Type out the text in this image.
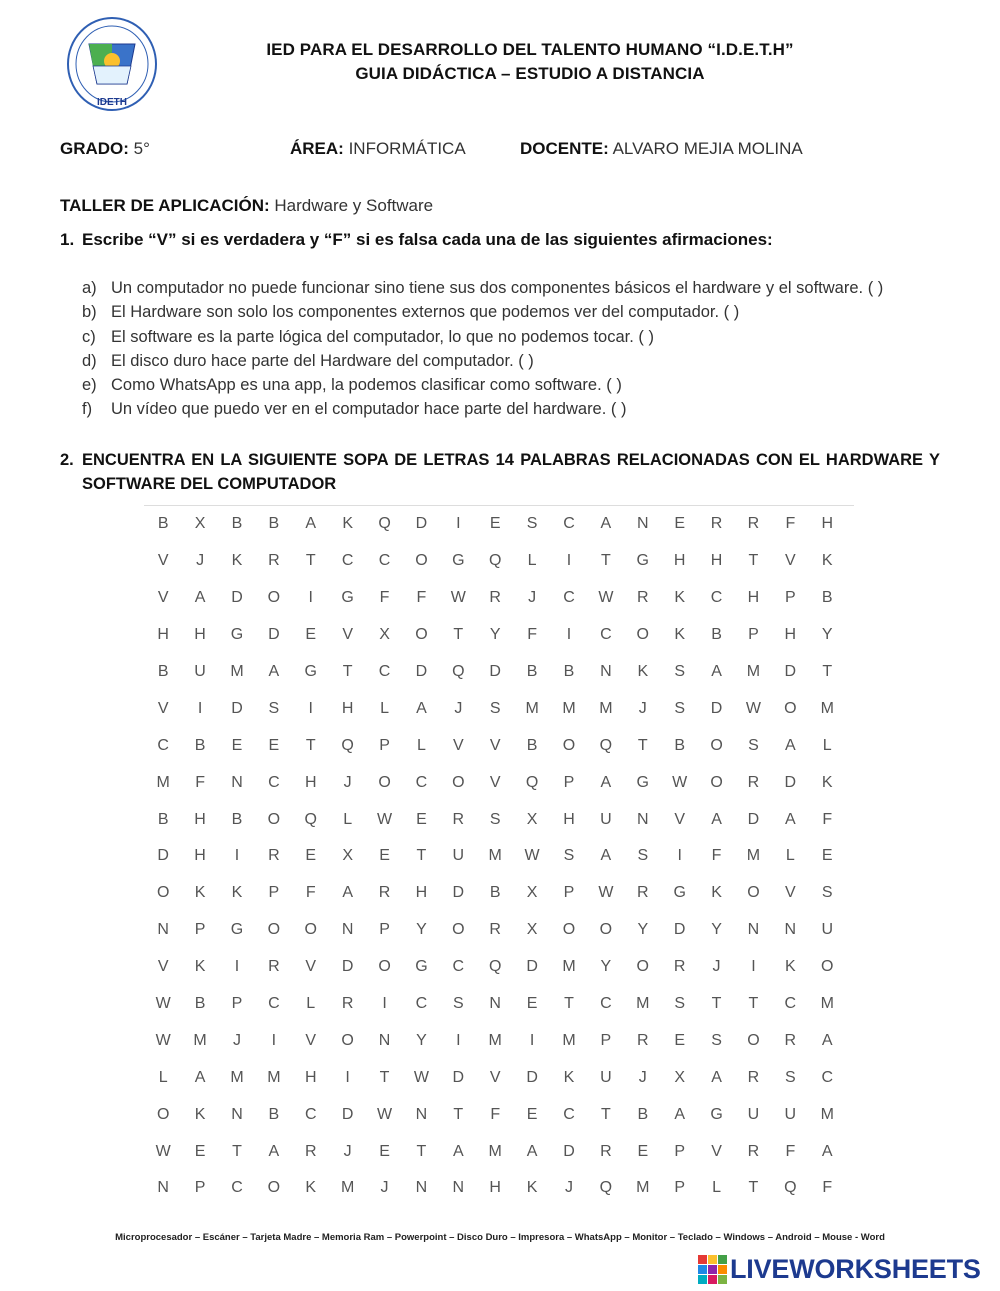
IDETH
IED PARA EL DESARROLLO DEL TALENTO HUMANO “I.D.E.T.H”
GUIA DIDÁCTICA – ESTUDIO A DISTANCIA
GRADO: 5°	ÁREA: INFORMÁTICA	DOCENTE: ALVARO MEJIA MOLINA
TALLER DE APLICACIÓN: Hardware y Software
1. Escribe “V” si es verdadera y “F” si es falsa cada una de las siguientes afirmaciones:
a) Un computador no puede funcionar sino tiene sus dos componentes básicos el hardware y el software. ( )
b) El Hardware son solo los componentes externos que podemos ver del computador. ( )
c) El software es la parte lógica del computador, lo que no podemos tocar. ( )
d) El disco duro hace parte del Hardware del computador. ( )
e) Como WhatsApp es una app, la podemos clasificar como software. ( )
f) Un vídeo que puedo ver en el computador hace parte del hardware. ( )
2. ENCUENTRA EN LA SIGUIENTE SOPA DE LETRAS 14 PALABRAS RELACIONADAS CON EL HARDWARE Y SOFTWARE DEL COMPUTADOR
B	X	B	B	A	K	Q	D	I	E	S	C	A	N	E	R	R	F	H
V	J	K	R	T	C	C	O	G	Q	L	I	T	G	H	H	T	V	K
V	A	D	O	I	G	F	F	W	R	J	C	W	R	K	C	H	P	B
H	H	G	D	E	V	X	O	T	Y	F	I	C	O	K	B	P	H	Y
B	U	M	A	G	T	C	D	Q	D	B	B	N	K	S	A	M	D	T
V	I	D	S	I	H	L	A	J	S	M	M	M	J	S	D	W	O	M
C	B	E	E	T	Q	P	L	V	V	B	O	Q	T	B	O	S	A	L
M	F	N	C	H	J	O	C	O	V	Q	P	A	G	W	O	R	D	K
B	H	B	O	Q	L	W	E	R	S	X	H	U	N	V	A	D	A	F
D	H	I	R	E	X	E	T	U	M	W	S	A	S	I	F	M	L	E
O	K	K	P	F	A	R	H	D	B	X	P	W	R	G	K	O	V	S
N	P	G	O	O	N	P	Y	O	R	X	O	O	Y	D	Y	N	N	U
V	K	I	R	V	D	O	G	C	Q	D	M	Y	O	R	J	I	K	O
W	B	P	C	L	R	I	C	S	N	E	T	C	M	S	T	T	C	M
W	M	J	I	V	O	N	Y	I	M	I	M	P	R	E	S	O	R	A
L	A	M	M	H	I	T	W	D	V	D	K	U	J	X	A	R	S	C
O	K	N	B	C	D	W	N	T	F	E	C	T	B	A	G	U	U	M
W	E	T	A	R	J	E	T	A	M	A	D	R	E	P	V	R	F	A
N	P	C	O	K	M	J	N	N	H	K	J	Q	M	P	L	T	Q	F
Microprocesador – Escáner – Tarjeta Madre – Memoria Ram – Powerpoint – Disco Duro – Impresora – WhatsApp – Monitor – Teclado – Windows – Android – Mouse - Word
LIVEWORKSHEETS
